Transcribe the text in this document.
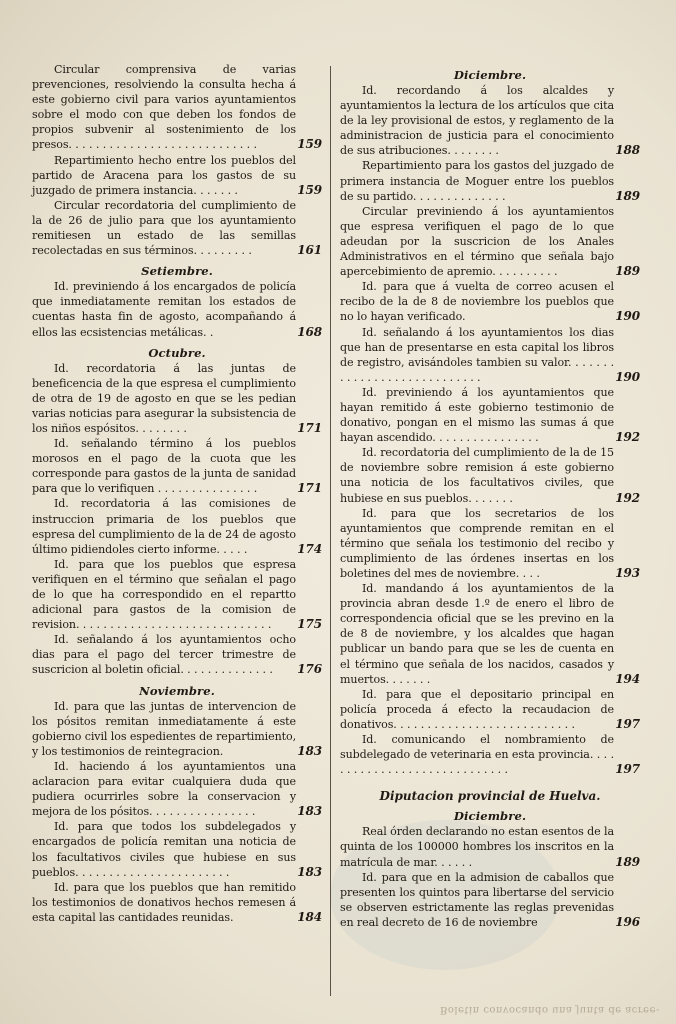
Circular comprensiva de varias prevenciones, resolviendo la consulta hecha á este gobierno civil para varios ayuntamientos sobre el modo con que deben los fondos de propios subvenir al sostenimiento de los presos. . . . . . . . . . . . . . . . . . . . . . . . . . . .	159

Repartimiento hecho entre los pueblos del partido de Aracena para los gastos de su juzgado de primera instancia. . . . . . .	159

Circular recordatoria del cumplimiento de la de 26 de julio para que los ayuntamiento remitiesen un estado de las semillas recolectadas en sus términos. . . . . . . . .	161

Setiembre.

Id. previniendo á los encargados de policía que inmediatamente remitan los estados de cuentas hasta fin de agosto, acompañando á ellos las ecsistencias metálicas. .	168

Octubre.

Id. recordatoria á las juntas de beneficencia de la que espresa el cumplimiento de otra de 19 de agosto en que se les pedian varias noticias para asegurar la subsistencia de los niños espósitos. . . . . . . .	171

Id. señalando término á los pueblos morosos en el pago de la cuota que les corresponde para gastos de la junta de sanidad para que lo verifiquen . . . . . . . . . . . . . . .	171

Id. recordatoria á las comisiones de instruccion primaria de los pueblos que espresa del cumplimiento de la de 24 de agosto último pidiendoles cierto informe. . . . .	174

Id. para que los pueblos que espresa verifiquen en el término que señalan el pago de lo que ha correspondido en el repartto adicional para gastos de la comision de revision. . . . . . . . . . . . . . . . . . . . . . . . . . . . .	175

Id. señalando á los ayuntamientos ocho dias para el pago del tercer trimestre de suscricion al boletin oficial. . . . . . . . . . . . . .	176

Noviembre.

Id. para que las juntas de intervencion de los pósitos remitan inmediatamente á este gobierno civil los espedientes de repartimiento, y los testimonios de reintegracion.	183

Id. haciendo á los ayuntamientos una aclaracion para evitar cualquiera duda que pudiera ocurrirles sobre la conservacion y mejora de los pósitos. . . . . . . . . . . . . . . .	183

Id. para que todos los subdelegados y encargados de policía remitan una noticia de los facultativos civiles que hubiese en sus pueblos. . . . . . . . . . . . . . . . . . . . . . .	183

Id. para que los pueblos que han remitido los testimonios de donativos hechos remesen á esta capital las cantidades reunidas.	184

Diciembre.

Id. recordando á los alcaldes y ayuntamientos la lectura de los artículos que cita de la ley provisional de estos, y reglamento de la administracion de justicia para el conocimiento de sus atribuciones. . . . . . . .	188

Repartimiento para los gastos del juzgado de primera instancia de Moguer entre los pueblos de su partido. . . . . . . . . . . . . .	189

Circular previniendo á los ayuntamientos que espresa verifiquen el pago de lo que adeudan por la suscricion de los Anales Administrativos en el término que señala bajo apercebimiento de apremio. . . . . . . . . .	189

Id. para que á vuelta de correo acusen el recibo de la de 8 de noviembre los pueblos que no lo hayan verificado.	190

Id. señalando á los ayuntamientos los dias que han de presentarse en esta capital los libros de registro, avisándoles tambien su valor. . . . . . . . . . . . . . . . . . . . . . . . . . . .	190

Id. previniendo á los ayuntamientos que hayan remitido á este gobierno testimonio de donativo, pongan en el mismo las sumas á que hayan ascendido. . . . . . . . . . . . . . . .	192

Id. recordatoria del cumplimiento de la de 15 de noviembre sobre remision á este gobierno una noticia de los facultativos civiles, que hubiese en sus pueblos. . . . . . .	192

Id. para que los secretarios de los ayuntamientos que comprende remitan en el término que señala los testimonio del recibo y cumplimiento de las órdenes insertas en los boletines del mes de noviembre. . . .	193

Id. mandando á los ayuntamientos de la provincia abran desde 1.º de enero el libro de correspondencia oficial que se les previno en la de 8 de noviembre, y los alcaldes que hagan publicar un bando para que se les de cuenta en el término que señala de los nacidos, casados y muertos. . . . . . .	194

Id. para que el depositario principal en policía proceda á efecto la recaudacion de donativos. . . . . . . . . . . . . . . . . . . . . . . . . . .	197

Id. comunicando el nombramiento de subdelegado de veterinaria en esta provincia. . . . . . . . . . . . . . . . . . . . . . . . . . . . .	197

Diputacion provincial de Huelva.
Diciembre.

Real órden declarando no estan esentos de la quinta de los 100000 hombres los inscritos en la matrícula de mar. . . . . .	189

Id. para que en la admision de caballos que presenten los quintos para libertarse del servicio se observen estrictamente las reglas prevenidas en real decreto de 16 de noviembre	196

Boletin convocando una junta de acree-
